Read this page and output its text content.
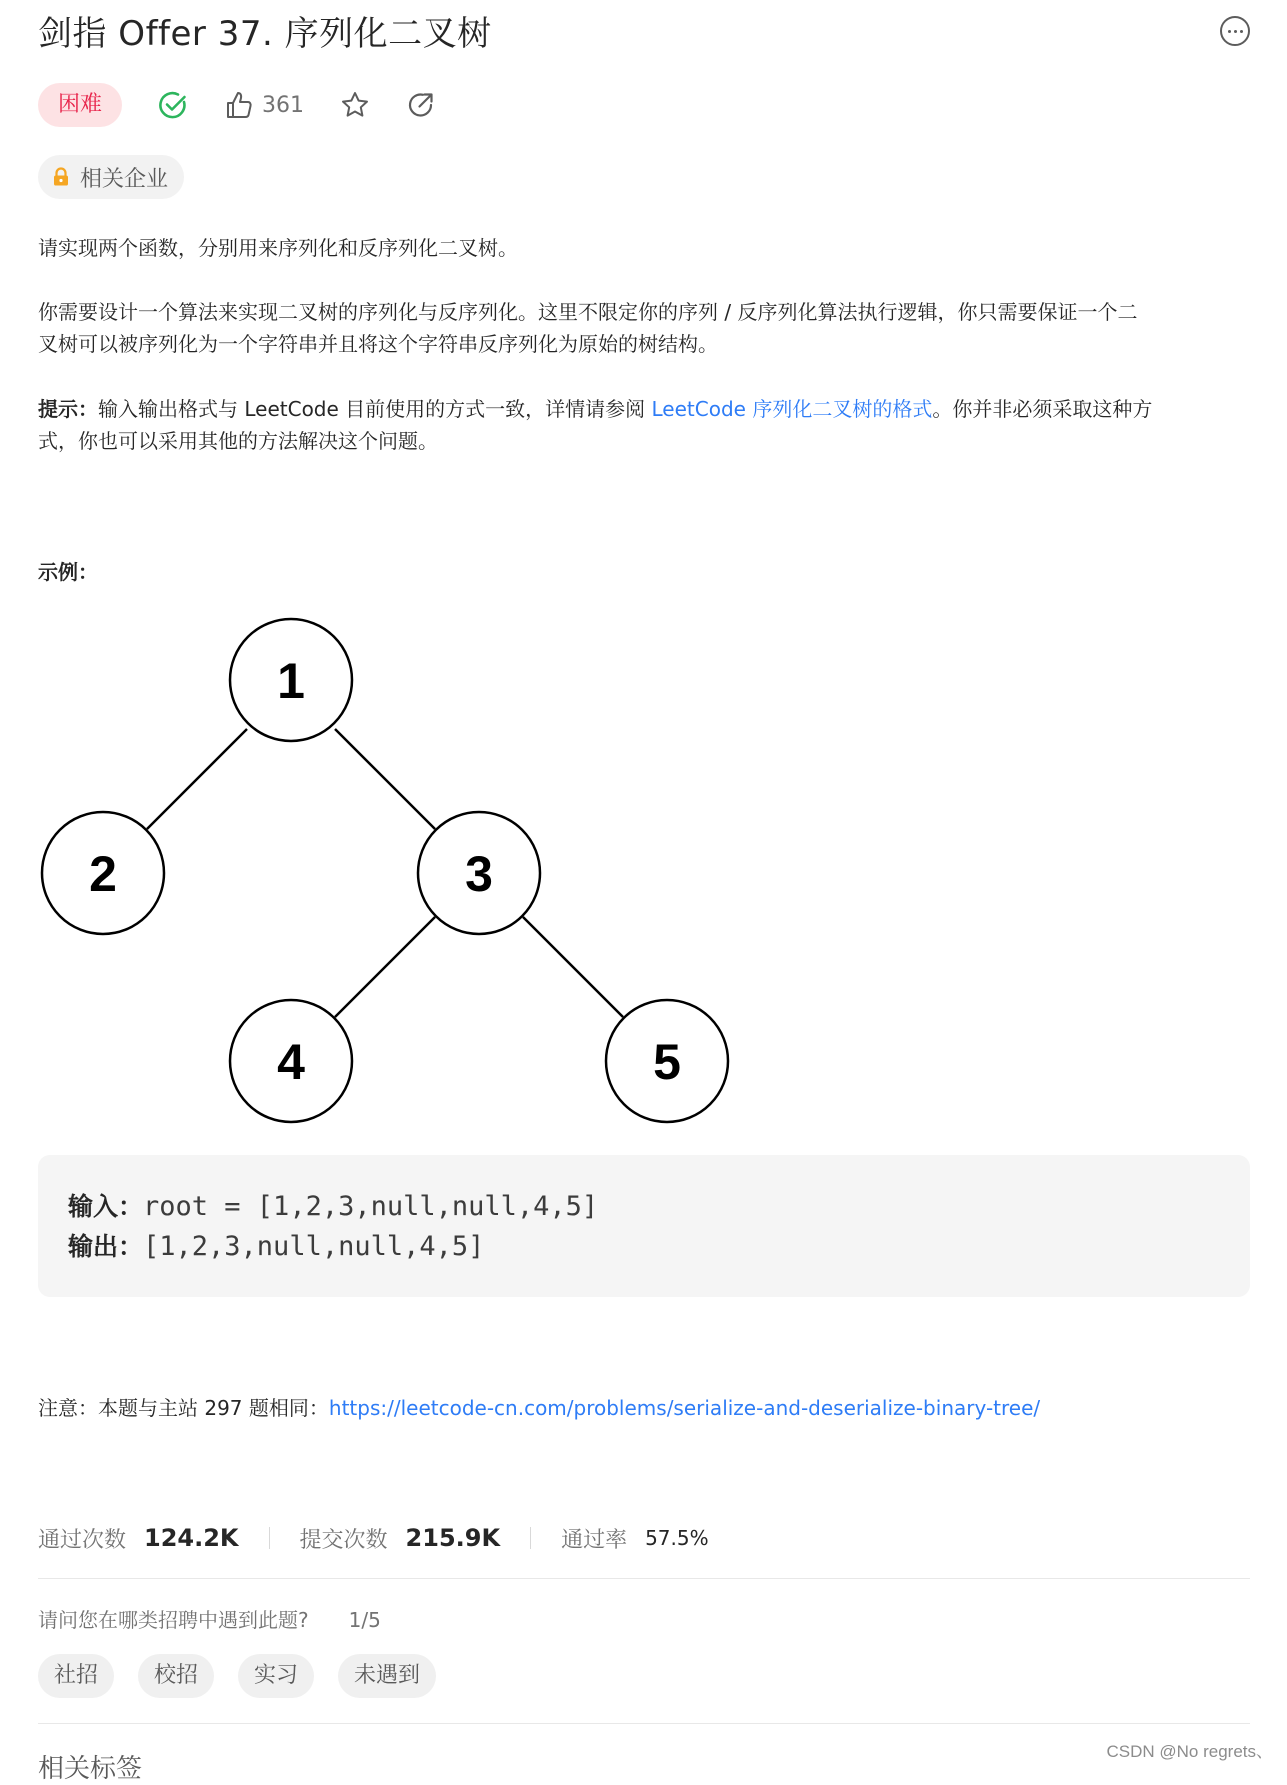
剑指 Offer 37. 序列化二叉树
困难	361
相关企业

请实现两个函数，分别用来序列化和反序列化二叉树。

你需要设计一个算法来实现二叉树的序列化与反序列化。这里不限定你的序列 / 反序列化算法执行逻辑，你只需要保证一个二

叉树可以被序列化为一个字符串并且将这个字符串反序列化为原始的树结构。

提示：输入输出格式与 LeetCode 目前使用的方式一致，详情请参阅 LeetCode 序列化二叉树的格式。你并非必须采取这种方

式，你也可以采用其他的方法解决这个问题。

示例：
1
2	3
4	5
输入：root = [1,2,3,null,null,4,5]
输出：[1,2,3,null,null,4,5]

注意：本题与主站 297 题相同：https://leetcode-cn.com/problems/serialize-and-deserialize-binary-tree/

通过次数 124.2K	提交次数 215.9K	通过率 57.5%
请问您在哪类招聘中遇到此题? 1/5
社招	校招	实习	未遇到
相关标签
CSDN @No regrets、
